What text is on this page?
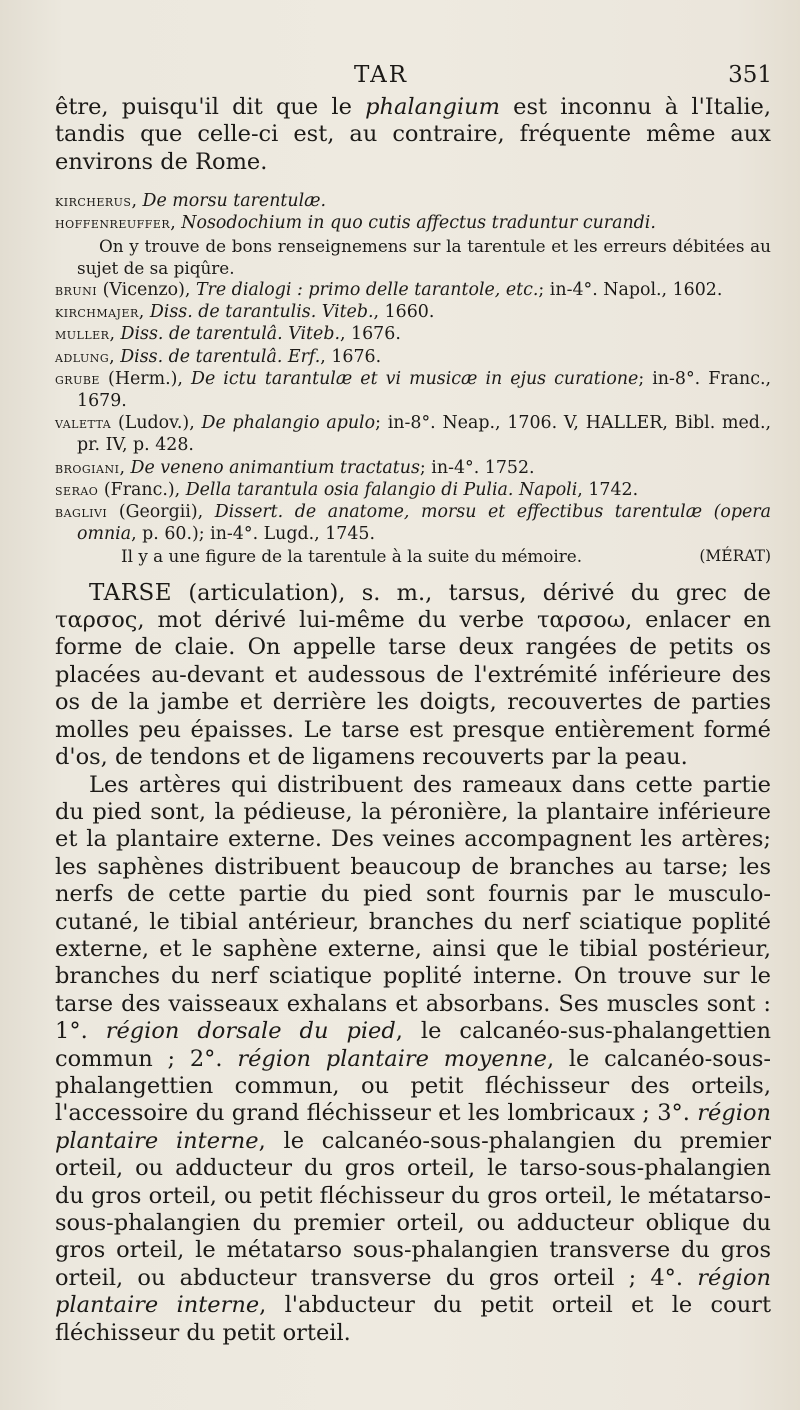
TAR	351

être, puisqu'il dit que le phalangium est inconnu à l'Italie, tandis que celle-ci est, au contraire, fréquente même aux environs de Rome.

kircherus, De morsu tarentulæ.

hoffenreuffer, Nosodochium in quo cutis affectus traduntur curandi.

On y trouve de bons renseignemens sur la tarentule et les erreurs débitées au sujet de sa piqûre.

bruni (Vicenzo), Tre dialogi : primo delle tarantole, etc.; in-4°. Napol., 1602.

kirchmajer, Diss. de tarantulis. Viteb., 1660.

muller, Diss. de tarentulâ. Viteb., 1676.

adlung, Diss. de tarentulâ. Erf., 1676.

grube (Herm.), De ictu tarantulæ et vi musicæ in ejus curatione; in-8°. Franc., 1679.

valetta (Ludov.), De phalangio apulo; in-8°. Neap., 1706. V, HALLER, Bibl. med., pr. IV, p. 428.

brogiani, De veneno animantium tractatus; in-4°. 1752.

serao (Franc.), Della tarantula osia falangio di Pulia. Napoli, 1742.

baglivi (Georgii), Dissert. de anatome, morsu et effectibus tarentulæ (opera omnia, p. 60.); in-4°. Lugd., 1745.

Il y a une figure de la tarentule à la suite du mémoire.	(MÉRAT)

TARSE (articulation), s. m., tarsus, dérivé du grec de ταρσος, mot dérivé lui-même du verbe ταρσοω, enlacer en forme de claie. On appelle tarse deux rangées de petits os placées au-devant et audessous de l'extrémité inférieure des os de la jambe et derrière les doigts, recouvertes de parties molles peu épaisses. Le tarse est presque entièrement formé d'os, de tendons et de ligamens recouverts par la peau.

Les artères qui distribuent des rameaux dans cette partie du pied sont, la pédieuse, la péronière, la plantaire inférieure et la plantaire externe. Des veines accompagnent les artères; les saphènes distribuent beaucoup de branches au tarse; les nerfs de cette partie du pied sont fournis par le musculo-cutané, le tibial antérieur, branches du nerf sciatique poplité externe, et le saphène externe, ainsi que le tibial postérieur, branches du nerf sciatique poplité interne. On trouve sur le tarse des vaisseaux exhalans et absorbans. Ses muscles sont : 1°. région dorsale du pied, le calcanéo-sus-phalangettien commun ; 2°. région plantaire moyenne, le calcanéo-sous-phalangettien commun, ou petit fléchisseur des orteils, l'accessoire du grand fléchisseur et les lombricaux ; 3°. région plantaire interne, le calcanéo-sous-phalangien du premier orteil, ou adducteur du gros orteil, le tarso-sous-phalangien du gros orteil, ou petit fléchisseur du gros orteil, le métatarso-sous-phalangien du premier orteil, ou adducteur oblique du gros orteil, le métatarso sous-phalangien transverse du gros orteil, ou abducteur transverse du gros orteil ; 4°. région plantaire interne, l'abducteur du petit orteil et le court fléchisseur du petit orteil.
